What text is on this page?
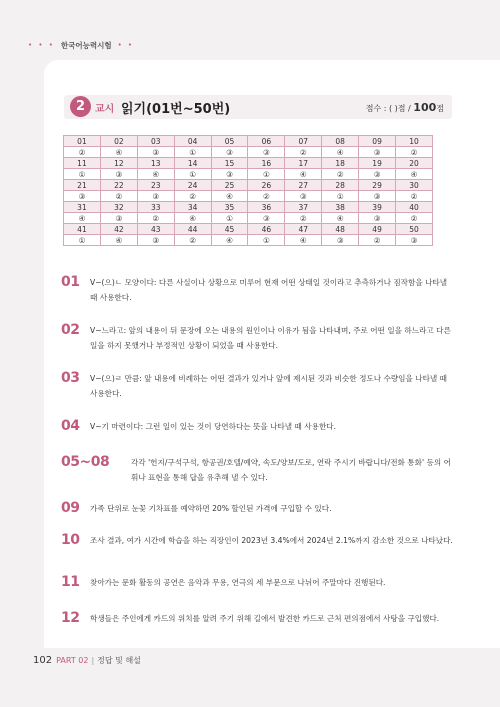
• • • 한국어능력시험 • •
2 교시 읽기(01번~50번)	점수 : ( )점 / 100점
01	02	03	04	05	06	07	08	09	10
②	④	③	①	③	③	②	④	③	②
11	12	13	14	15	16	17	18	19	20
①	③	④	①	③	①	④	②	③	④
21	22	23	24	25	26	27	28	29	30
③	②	③	②	④	②	③	①	③	②
31	32	33	34	35	36	37	38	39	40
④	③	②	④	①	③	②	④	③	②
41	42	43	44	45	46	47	48	49	50
①	④	③	②	④	①	④	③	②	③
01 V~(으)ㄴ 모양이다: 다른 사실이나 상황으로 미루어 현재 어떤 상태일 것이라고 추측하거나 짐작함을 나타낼 때 사용한다.
02 V~느라고: 앞의 내용이 뒤 문장에 오는 내용의 원인이나 이유가 됨을 나타내며, 주로 어떤 일을 하느라고 다른 일을 하지 못했거나 부정적인 상황이 되었을 때 사용한다.
03 V~(으)ㄹ 만큼: 앞 내용에 비례하는 어떤 결과가 있거나 앞에 제시된 것과 비슷한 정도나 수량임을 나타낼 때 사용한다.
04 V~기 마련이다: 그런 일이 있는 것이 당연하다는 뜻을 나타낼 때 사용한다.
05~08	각각 '헌지/구석구석, 항공권/호텔/예약, 속도/양보/도로, 연락 주시기 바랍니다/전화 통화' 등의 어휘나 표현을 통해 답을 유추해 낼 수 있다.
09 가족 단위로 눈꽃 기차표를 예약하면 20% 할인된 가격에 구입할 수 있다.
10 조사 결과, 여가 시간에 학습을 하는 직장인이 2023년 3.4%에서 2024년 2.1%까지 감소한 것으로 나타났다.
11 찾아가는 문화 활동의 공연은 음악과 무용, 연극의 세 부문으로 나뉘어 주말마다 진행된다.
12 학생들은 주인에게 카드의 위치를 알려 주기 위해 길에서 발견한 카드로 근처 편의점에서 사탕을 구입했다.
102 PART 02 | 정답 및 해설
